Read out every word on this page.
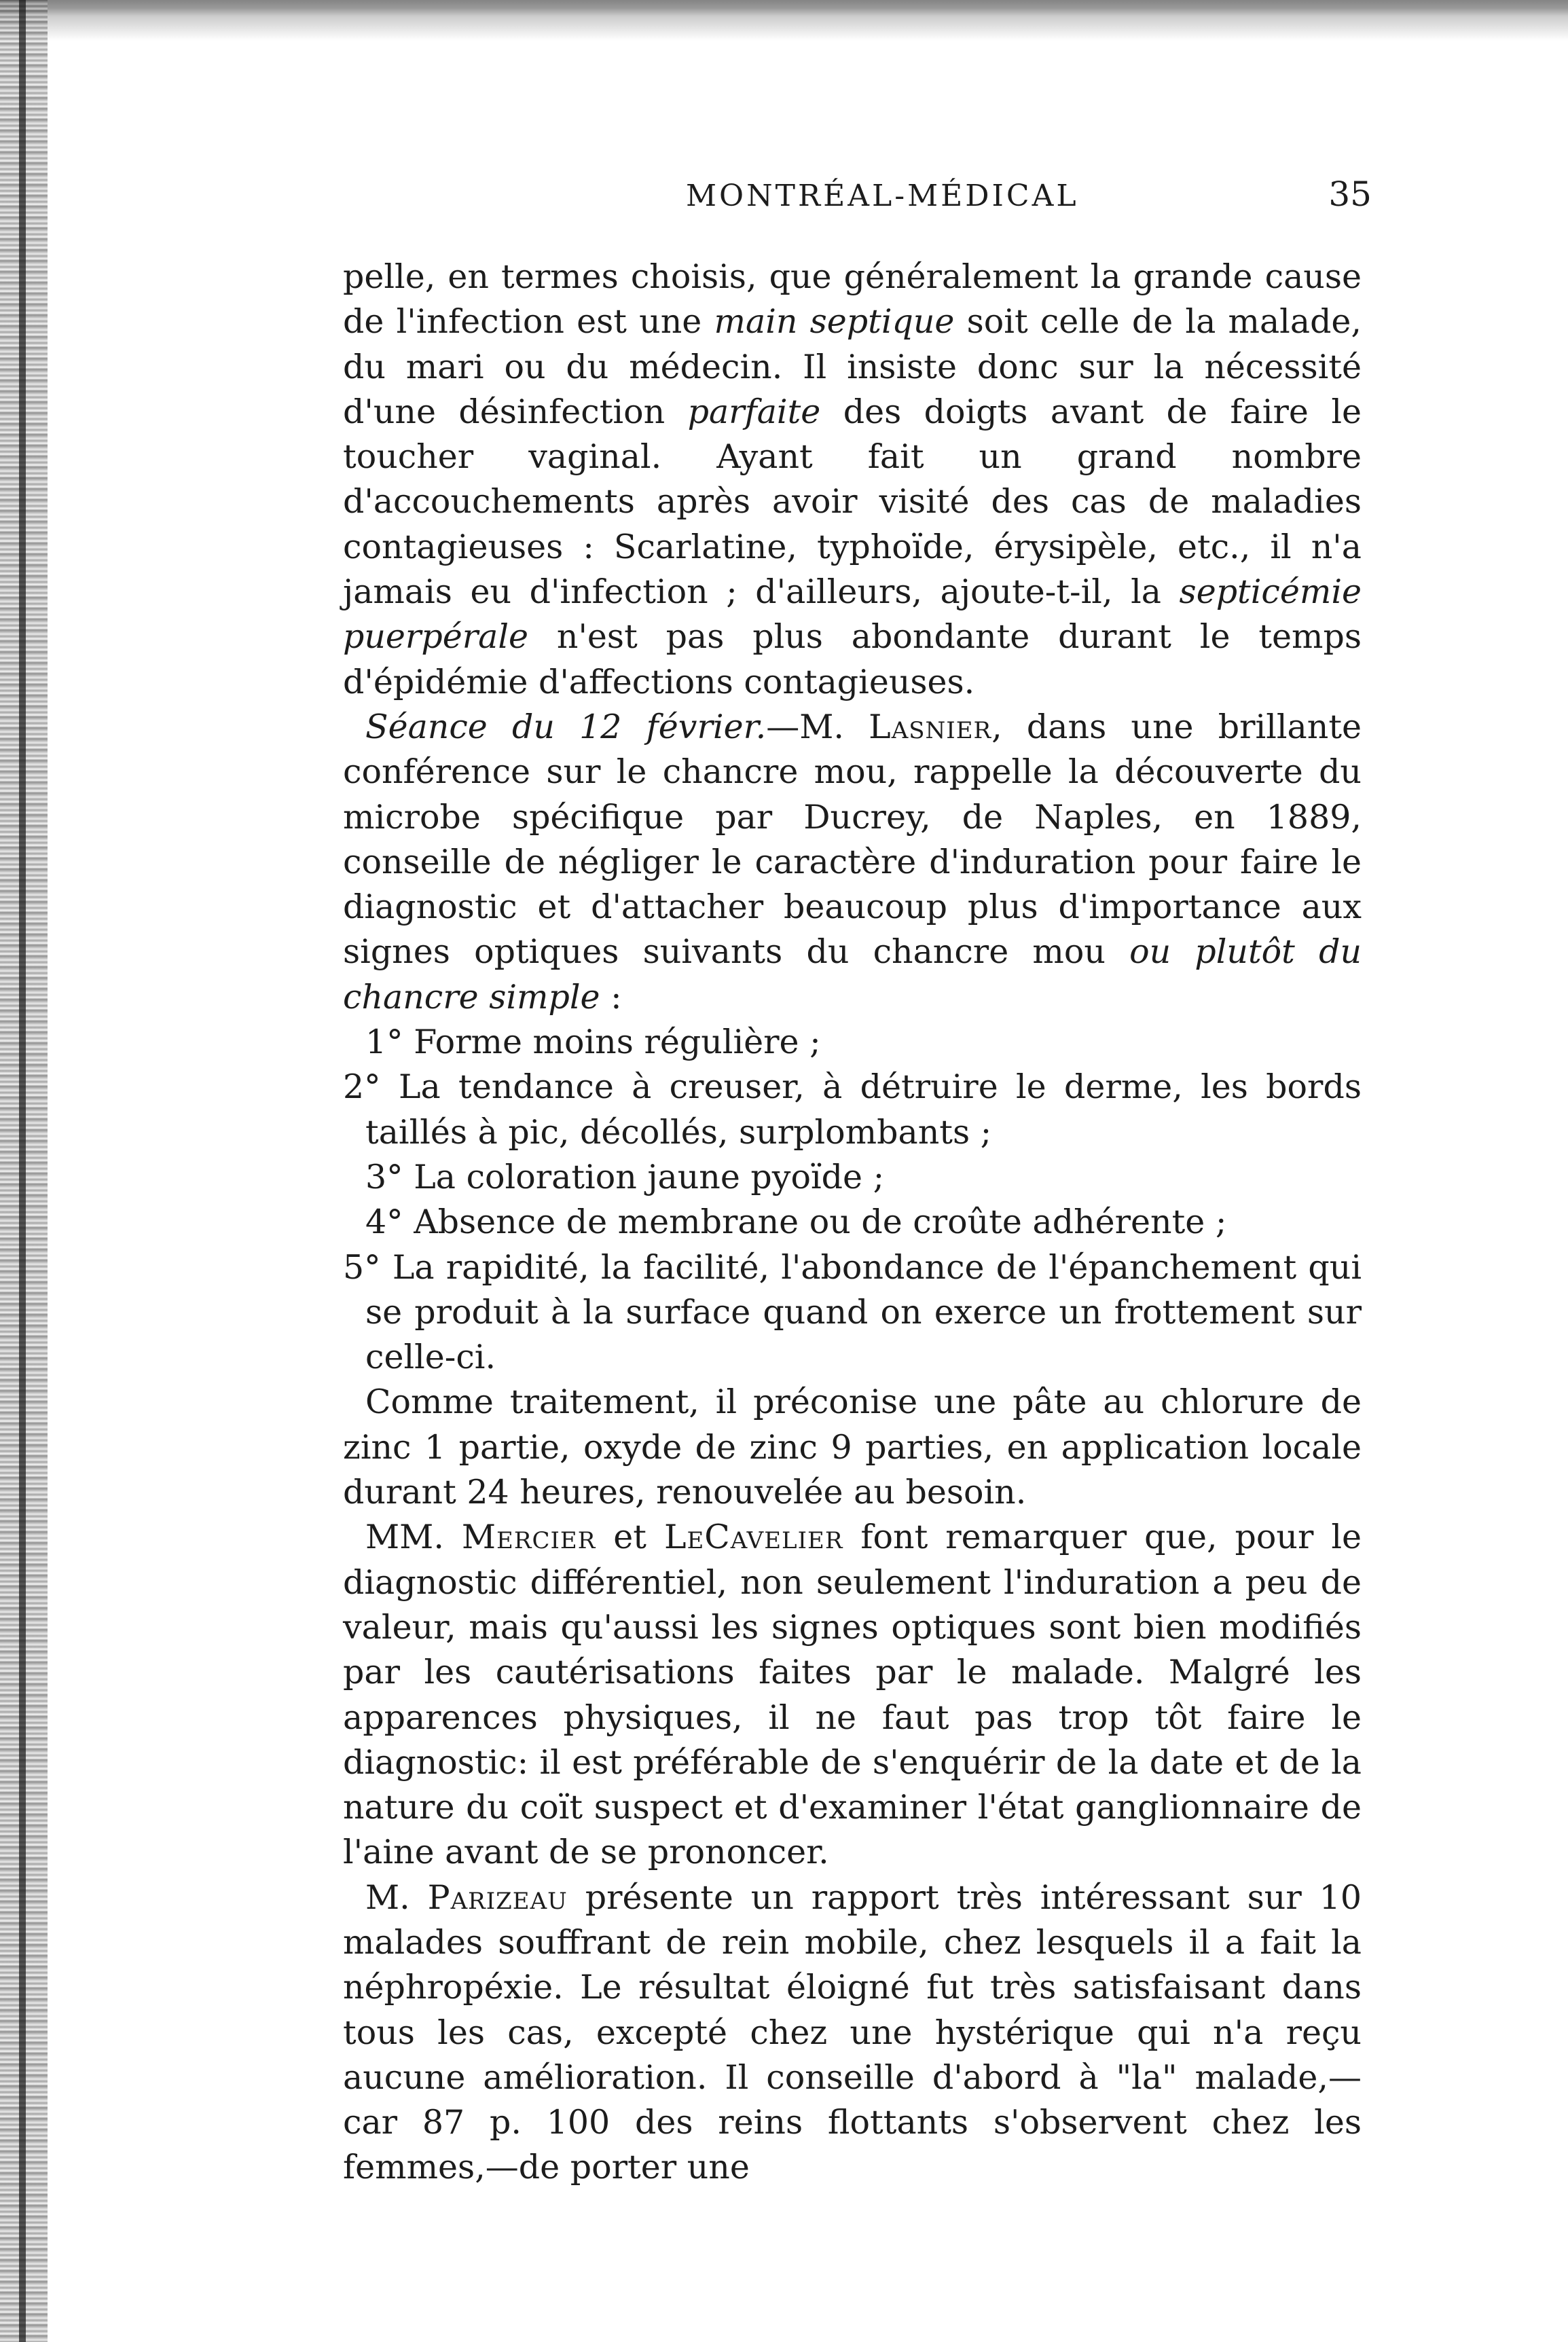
MONTRÉAL-MÉDICAL	35

pelle, en termes choisis, que généralement la grande cause de l'infection est une main septique soit celle de la malade, du mari ou du médecin. Il insiste donc sur la nécessité d'une désinfection parfaite des doigts avant de faire le toucher vaginal. Ayant fait un grand nombre d'accouchements après avoir visité des cas de maladies contagieuses : Scarlatine, typhoïde, érysipèle, etc., il n'a jamais eu d'infection ; d'ailleurs, ajoute-t-il, la septicémie puerpérale n'est pas plus abondante durant le temps d'épidémie d'affections contagieuses.

Séance du 12 février.—M. Lasnier, dans une brillante conférence sur le chancre mou, rappelle la découverte du microbe spécifique par Ducrey, de Naples, en 1889, conseille de négliger le caractère d'induration pour faire le diagnostic et d'attacher beaucoup plus d'importance aux signes optiques suivants du chancre mou ou plutôt du chancre simple :

1° Forme moins régulière ;

2° La tendance à creuser, à détruire le derme, les bords taillés à pic, décollés, surplombants ;

3° La coloration jaune pyoïde ;

4° Absence de membrane ou de croûte adhérente ;

5° La rapidité, la facilité, l'abondance de l'épanchement qui se produit à la surface quand on exerce un frottement sur celle-ci.

Comme traitement, il préconise une pâte au chlorure de zinc 1 partie, oxyde de zinc 9 parties, en application locale durant 24 heures, renouvelée au besoin.

MM. Mercier et LeCavelier font remarquer que, pour le diagnostic différentiel, non seulement l'induration a peu de valeur, mais qu'aussi les signes optiques sont bien modifiés par les cautérisations faites par le malade. Malgré les apparences physiques, il ne faut pas trop tôt faire le diagnostic: il est préférable de s'enquérir de la date et de la nature du coït suspect et d'examiner l'état ganglionnaire de l'aine avant de se prononcer.

M. Parizeau présente un rapport très intéressant sur 10 malades souffrant de rein mobile, chez lesquels il a fait la néphropéxie. Le résultat éloigné fut très satisfaisant dans tous les cas, excepté chez une hystérique qui n'a reçu aucune amélioration. Il conseille d'abord à "la" malade,—car 87 p. 100 des reins flottants s'observent chez les femmes,—de porter une
